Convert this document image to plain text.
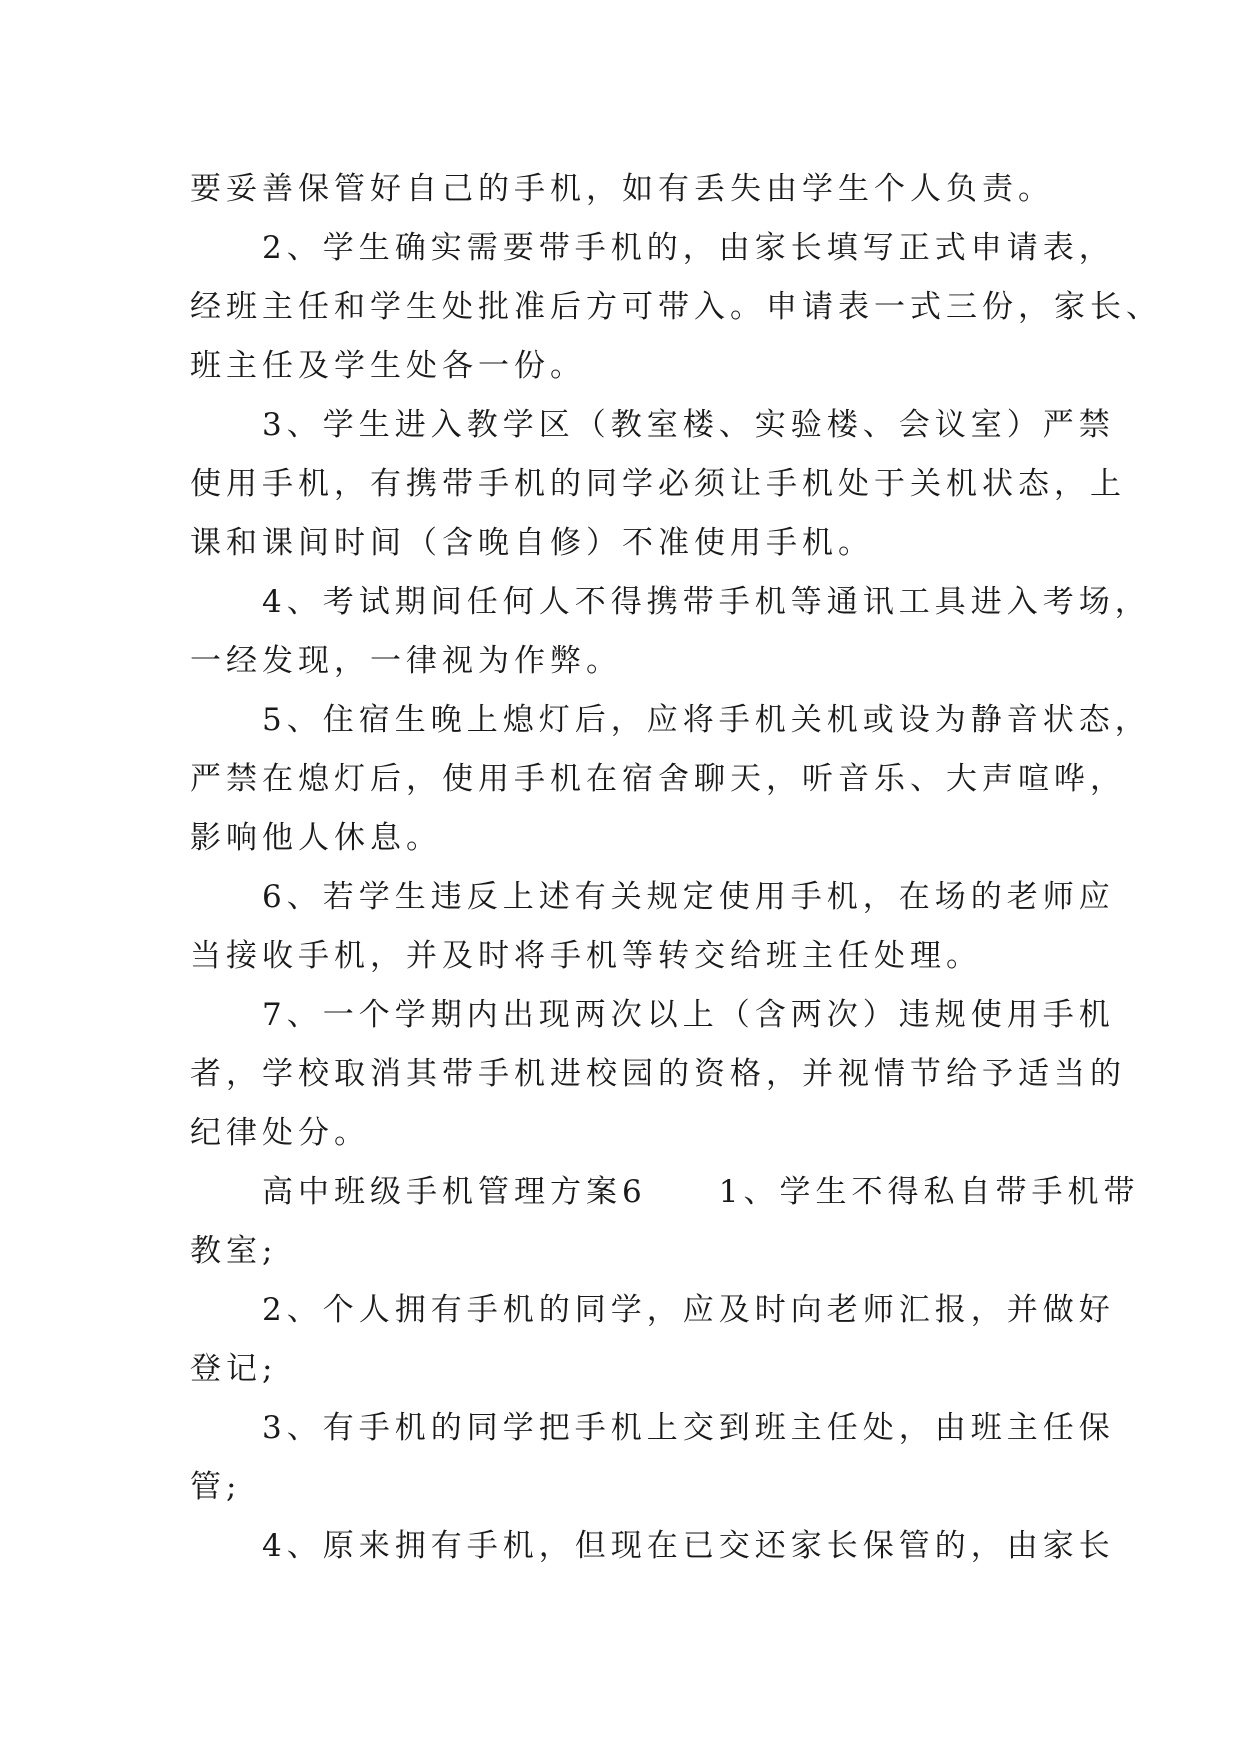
要妥善保管好自己的手机，如有丢失由学生个人负责。

　　2、学生确实需要带手机的，由家长填写正式申请表，

经班主任和学生处批准后方可带入。申请表一式三份，家长、

班主任及学生处各一份。

　　3、学生进入教学区（教室楼、实验楼、会议室）严禁

使用手机，有携带手机的同学必须让手机处于关机状态，上

课和课间时间（含晚自修）不准使用手机。

　　4、考试期间任何人不得携带手机等通讯工具进入考场，

一经发现，一律视为作弊。

　　5、住宿生晚上熄灯后，应将手机关机或设为静音状态，

严禁在熄灯后，使用手机在宿舍聊天，听音乐、大声喧哗，

影响他人休息。

　　6、若学生违反上述有关规定使用手机，在场的老师应

当接收手机，并及时将手机等转交给班主任处理。

　　7、一个学期内出现两次以上（含两次）违规使用手机

者，学校取消其带手机进校园的资格，并视情节给予适当的

纪律处分。

　　高中班级手机管理方案6　　1、学生不得私自带手机带

教室;

　　2、个人拥有手机的同学，应及时向老师汇报，并做好

登记;

　　3、有手机的同学把手机上交到班主任处，由班主任保

管;

　　4、原来拥有手机，但现在已交还家长保管的，由家长
